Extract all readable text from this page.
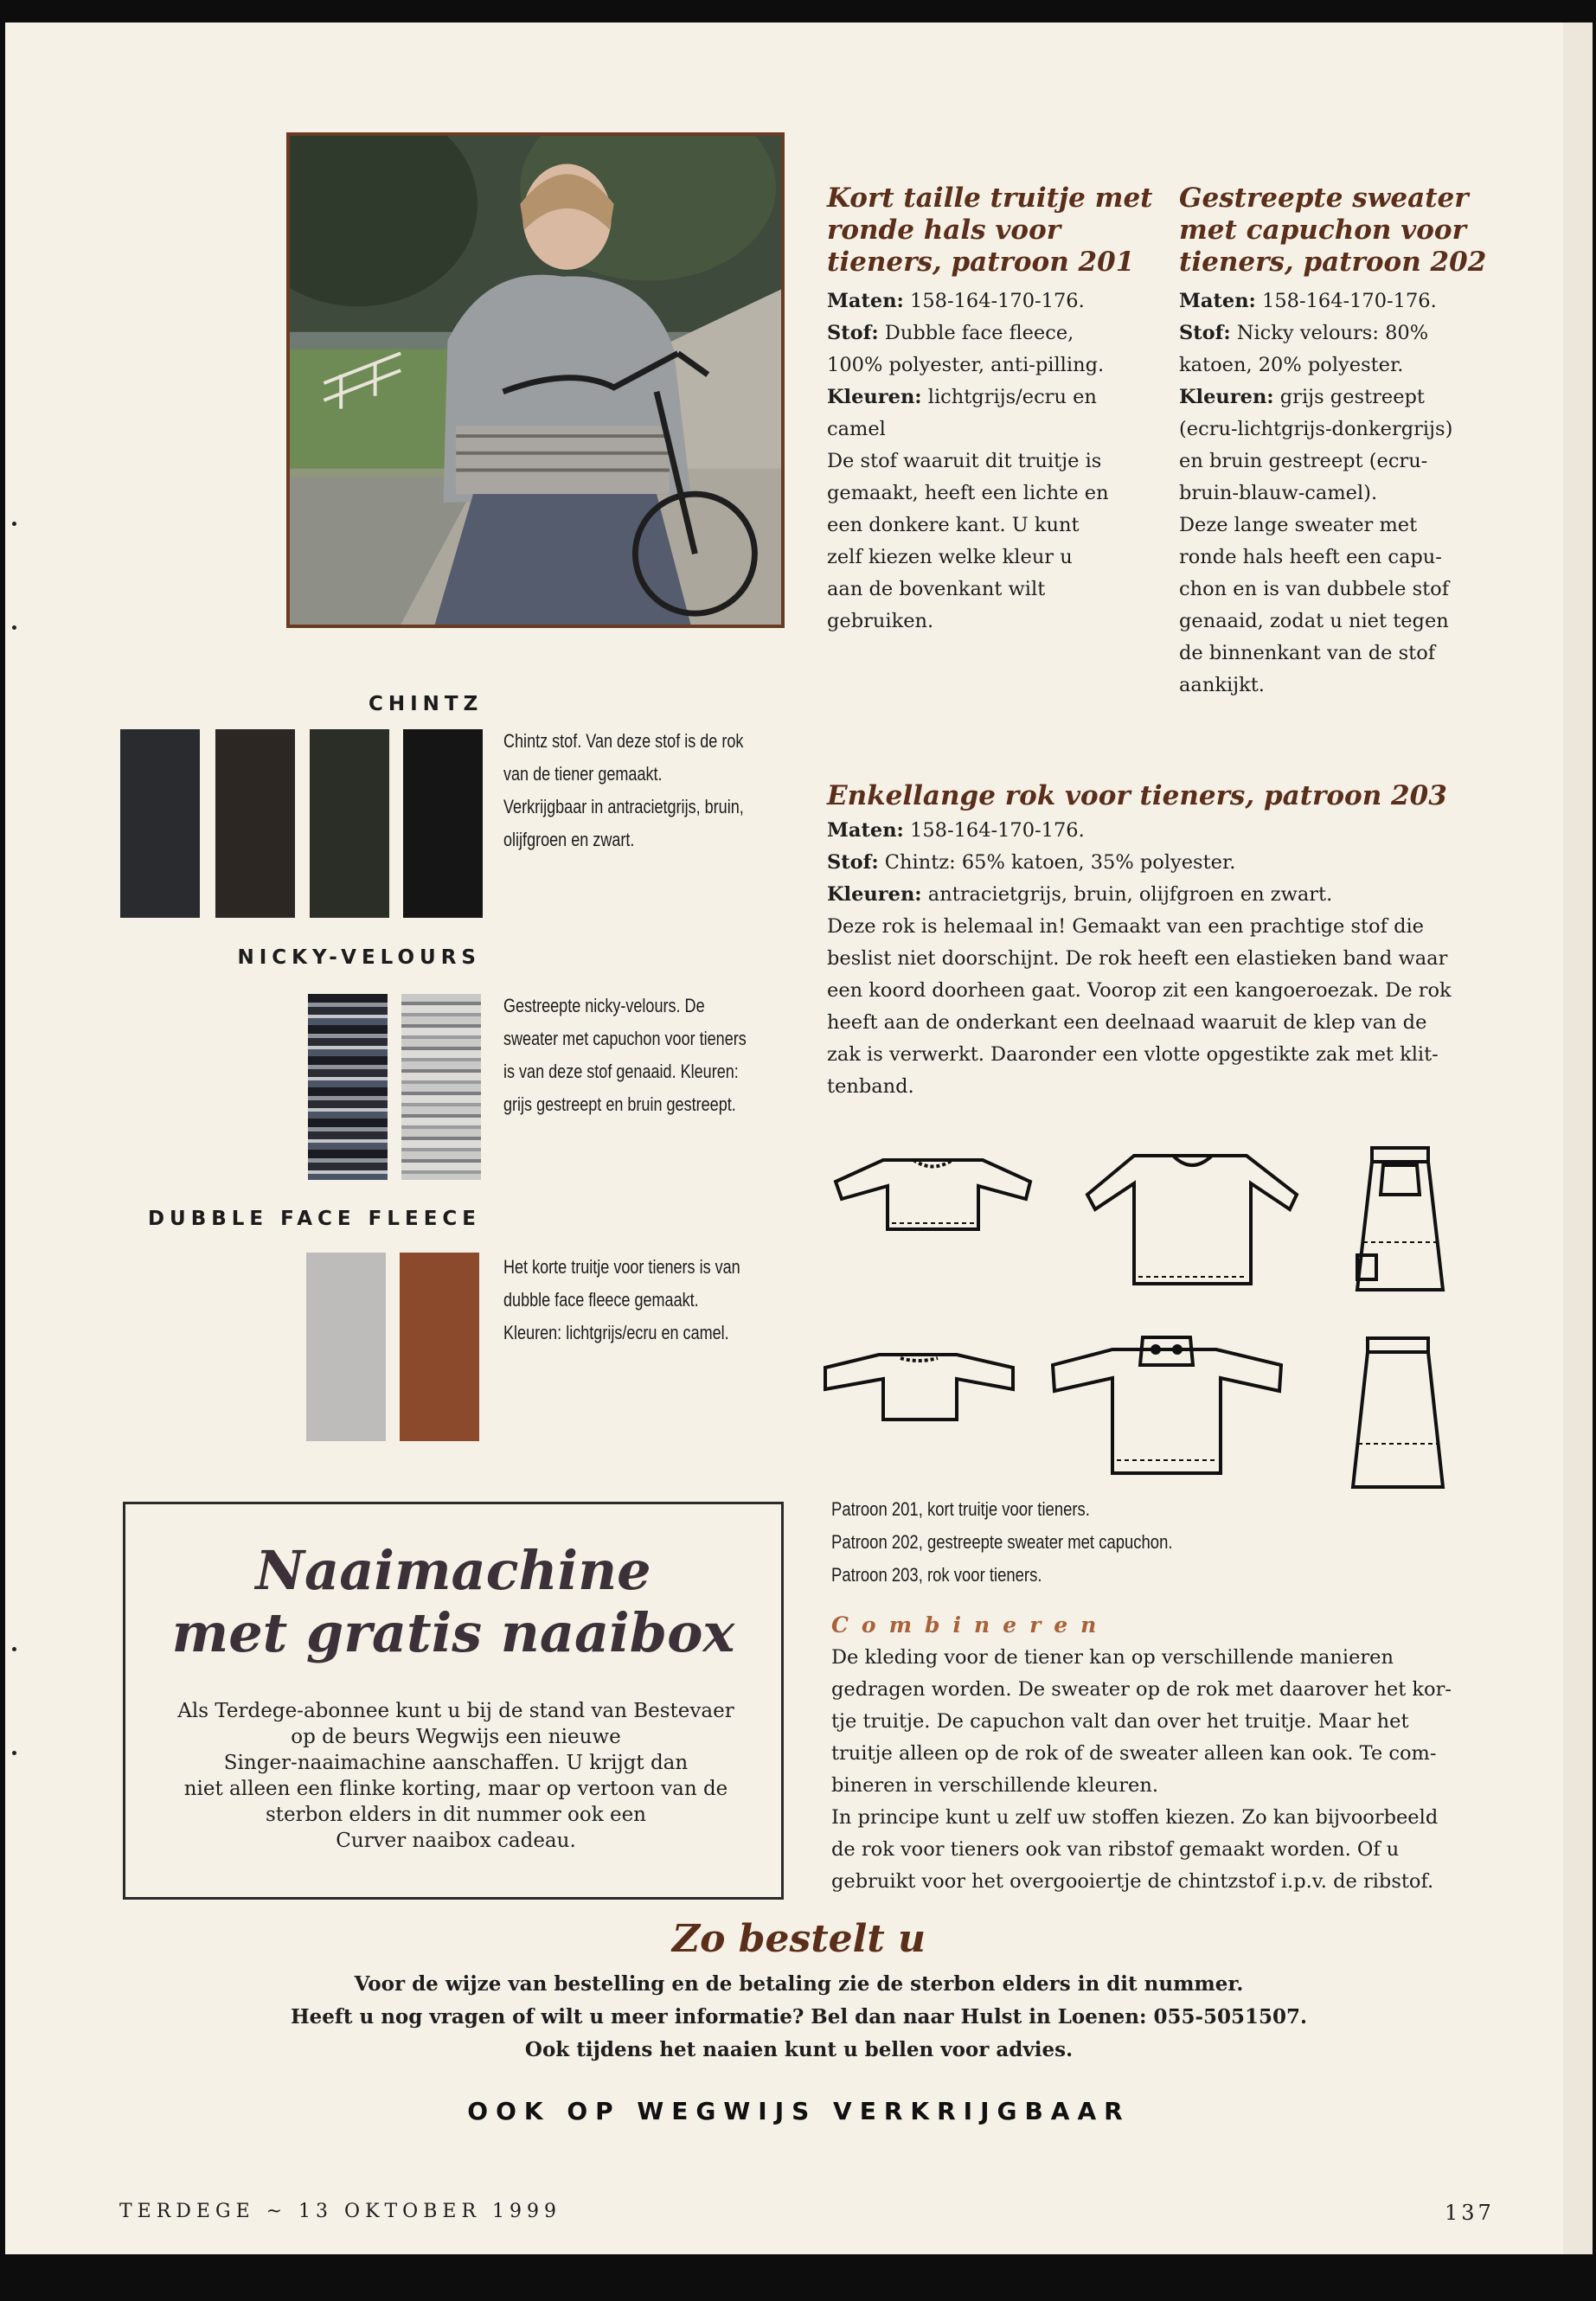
CHINTZ
Chintz stof. Van deze stof is de rok
van de tiener gemaakt.
Verkrijgbaar in antracietgrijs, bruin,
olijfgroen en zwart.
NICKY-VELOURS
Gestreepte nicky-velours. De
sweater met capuchon voor tieners
is van deze stof genaaid. Kleuren:
grijs gestreept en bruin gestreept.
DUBBLE FACE FLEECE
Het korte truitje voor tieners is van
dubble face fleece gemaakt.
Kleuren: lichtgrijs/ecru en camel.
Kort taille truitje met
ronde hals voor
tieners, patroon 201
Maten: 158-164-170-176.
Stof: Dubble face fleece,
100% polyester, anti-pilling.
Kleuren: lichtgrijs/ecru en
camel
De stof waaruit dit truitje is
gemaakt, heeft een lichte en
een donkere kant. U kunt
zelf kiezen welke kleur u
aan de bovenkant wilt
gebruiken.
Gestreepte sweater
met capuchon voor
tieners, patroon 202
Maten: 158-164-170-176.
Stof: Nicky velours: 80%
katoen, 20% polyester.
Kleuren: grijs gestreept
(ecru-lichtgrijs-donkergrijs)
en bruin gestreept (ecru-
bruin-blauw-camel).
Deze lange sweater met
ronde hals heeft een capu-
chon en is van dubbele stof
genaaid, zodat u niet tegen
de binnenkant van de stof
aankijkt.
Enkellange rok voor tieners, patroon 203
Maten: 158-164-170-176.
Stof: Chintz: 65% katoen, 35% polyester.
Kleuren: antracietgrijs, bruin, olijfgroen en zwart.
Deze rok is helemaal in! Gemaakt van een prachtige stof die
beslist niet doorschijnt. De rok heeft een elastieken band waar
een koord doorheen gaat. Voorop zit een kangoeroezak. De rok
heeft aan de onderkant een deelnaad waaruit de klep van de
zak is verwerkt. Daaronder een vlotte opgestikte zak met klit-
tenband.
Patroon 201, kort truitje voor tieners.
Patroon 202, gestreepte sweater met capuchon.
Patroon 203, rok voor tieners.
Combineren
De kleding voor de tiener kan op verschillende manieren
gedragen worden. De sweater op de rok met daarover het kor-
tje truitje. De capuchon valt dan over het truitje. Maar het
truitje alleen op de rok of de sweater alleen kan ook. Te com-
bineren in verschillende kleuren.
In principe kunt u zelf uw stoffen kiezen. Zo kan bijvoorbeeld
de rok voor tieners ook van ribstof gemaakt worden. Of u
gebruikt voor het overgooiertje de chintzstof i.p.v. de ribstof.
Naaimachine
met gratis naaibox
Als Terdege-abonnee kunt u bij de stand van Bestevaer
op de beurs Wegwijs een nieuwe
Singer-naaimachine aanschaffen. U krijgt dan
niet alleen een flinke korting, maar op vertoon van de
sterbon elders in dit nummer ook een
Curver naaibox cadeau.
Zo bestelt u
Voor de wijze van bestelling en de betaling zie de sterbon elders in dit nummer.
Heeft u nog vragen of wilt u meer informatie? Bel dan naar Hulst in Loenen: 055-5051507.
Ook tijdens het naaien kunt u bellen voor advies.
OOK OP WEGWIJS VERKRIJGBAAR
TERDEGE ~ 13 OKTOBER 1999	137
